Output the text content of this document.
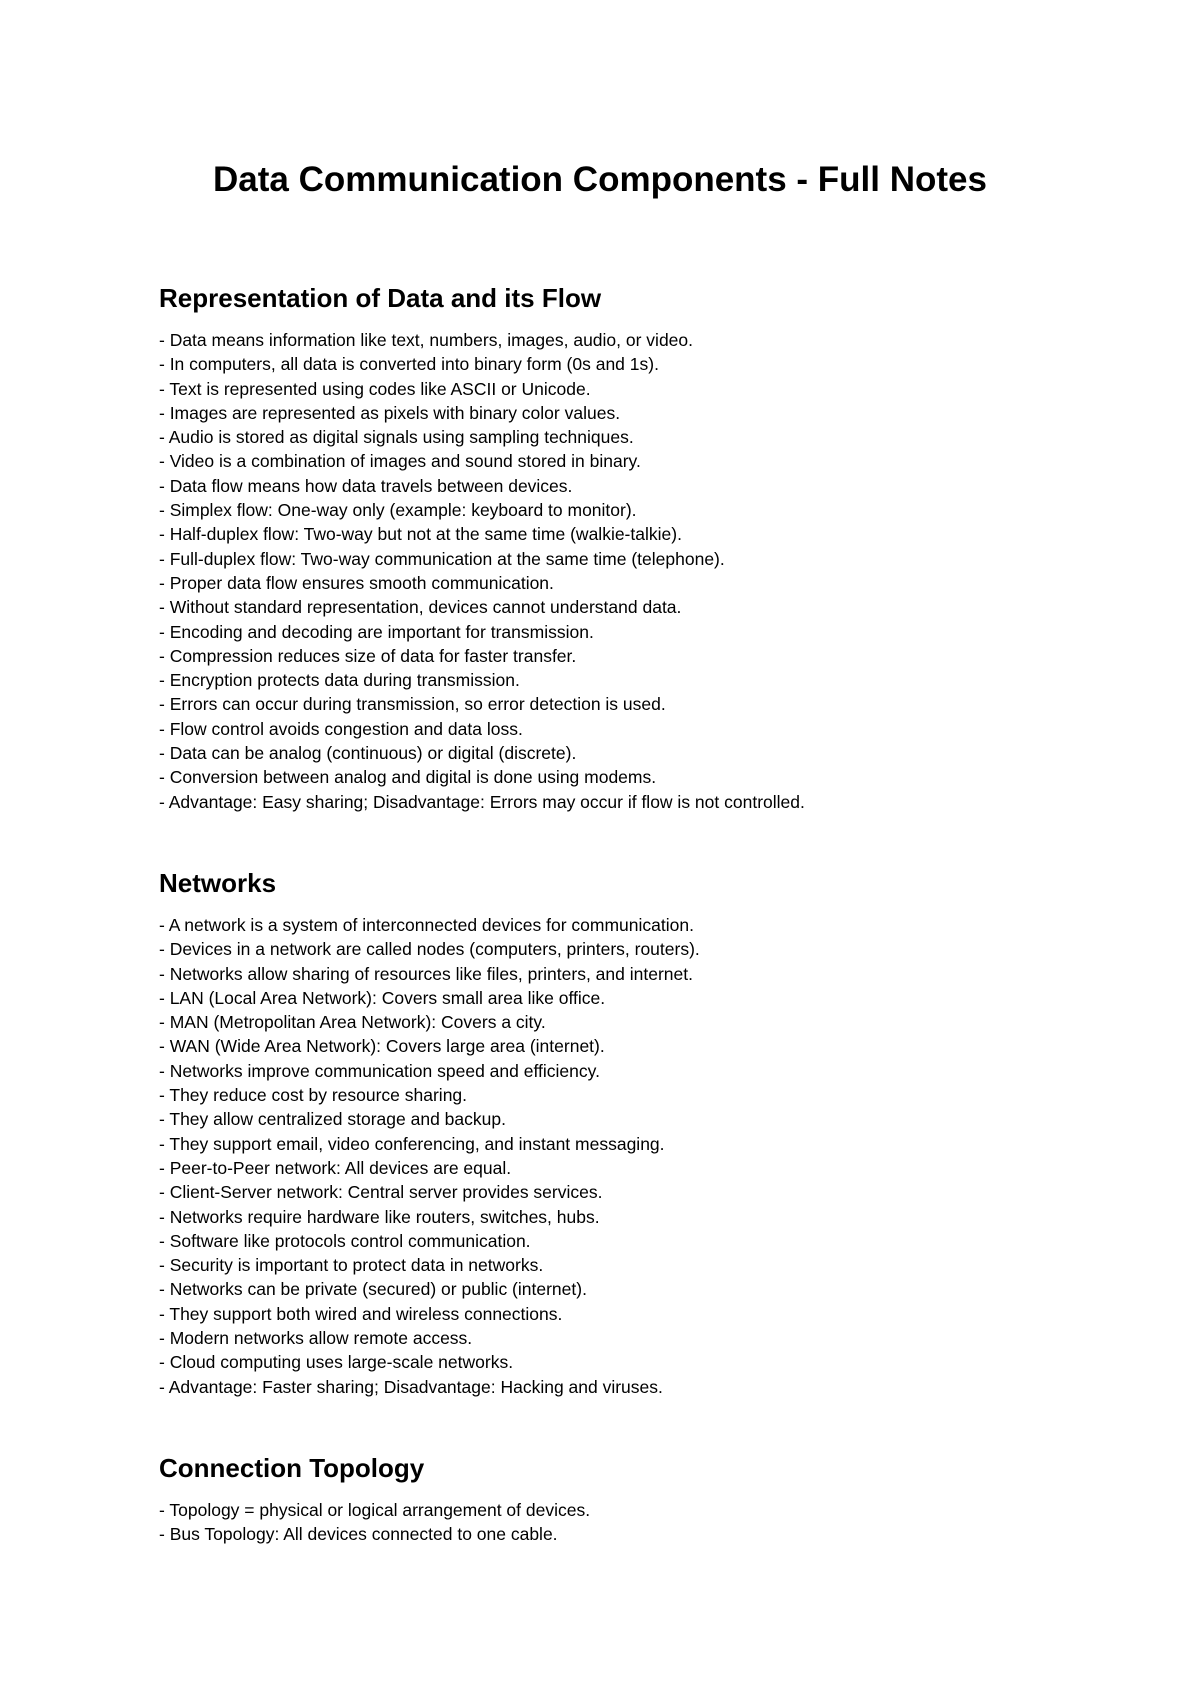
Data Communication Components - Full Notes
Representation of Data and its Flow
- Data means information like text, numbers, images, audio, or video.
- In computers, all data is converted into binary form (0s and 1s).
- Text is represented using codes like ASCII or Unicode.
- Images are represented as pixels with binary color values.
- Audio is stored as digital signals using sampling techniques.
- Video is a combination of images and sound stored in binary.
- Data flow means how data travels between devices.
- Simplex flow: One-way only (example: keyboard to monitor).
- Half-duplex flow: Two-way but not at the same time (walkie-talkie).
- Full-duplex flow: Two-way communication at the same time (telephone).
- Proper data flow ensures smooth communication.
- Without standard representation, devices cannot understand data.
- Encoding and decoding are important for transmission.
- Compression reduces size of data for faster transfer.
- Encryption protects data during transmission.
- Errors can occur during transmission, so error detection is used.
- Flow control avoids congestion and data loss.
- Data can be analog (continuous) or digital (discrete).
- Conversion between analog and digital is done using modems.
- Advantage: Easy sharing; Disadvantage: Errors may occur if flow is not controlled.
Networks
- A network is a system of interconnected devices for communication.
- Devices in a network are called nodes (computers, printers, routers).
- Networks allow sharing of resources like files, printers, and internet.
- LAN (Local Area Network): Covers small area like office.
- MAN (Metropolitan Area Network): Covers a city.
- WAN (Wide Area Network): Covers large area (internet).
- Networks improve communication speed and efficiency.
- They reduce cost by resource sharing.
- They allow centralized storage and backup.
- They support email, video conferencing, and instant messaging.
- Peer-to-Peer network: All devices are equal.
- Client-Server network: Central server provides services.
- Networks require hardware like routers, switches, hubs.
- Software like protocols control communication.
- Security is important to protect data in networks.
- Networks can be private (secured) or public (internet).
- They support both wired and wireless connections.
- Modern networks allow remote access.
- Cloud computing uses large-scale networks.
- Advantage: Faster sharing; Disadvantage: Hacking and viruses.
Connection Topology
- Topology = physical or logical arrangement of devices.
- Bus Topology: All devices connected to one cable.
